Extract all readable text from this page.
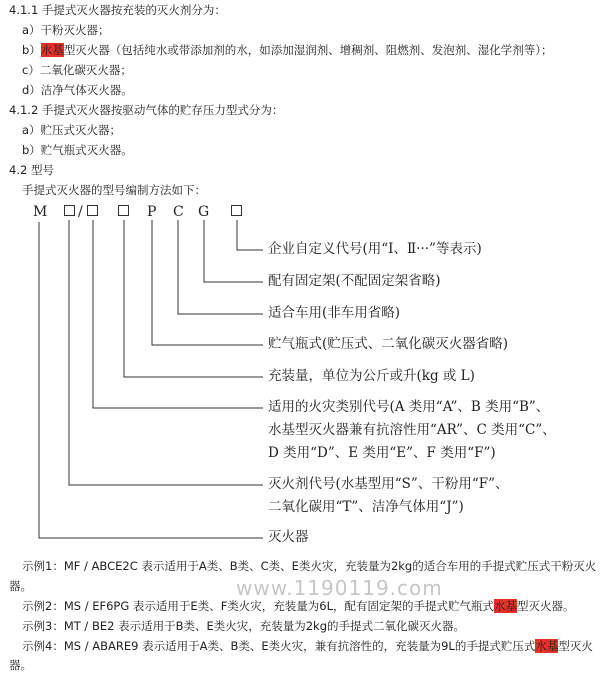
4.1.1 手提式灭火器按充装的灭火剂分为：
a）干粉灭火器；
b）水基型灭火器（包括纯水或带添加剂的水，如添加湿润剂、增稠剂、阻燃剂、发泡剂、湿化学剂等）；
c）二氧化碳灭火器；
d）洁净气体灭火器。
4.1.2 手提式灭火器按驱动气体的贮存压力型式分为：
a）贮压式灭火器；
b）贮气瓶式灭火器。
4.2 型号
手提式灭火器的型号编制方法如下：
M /	P C G
企业自定义代号(用“Ⅰ、Ⅱ···”等表示)
配有固定架(不配固定架省略)
适合车用(非车用省略)
贮气瓶式(贮压式、二氧化碳灭火器省略)
充装量，单位为公斤或升(kg 或 L)
适用的火灾类别代号(A 类用“A”、B 类用“B”、
水基型灭火器兼有抗溶性用“AR”、C 类用“C”、
D 类用“D”、E 类用“E”、F 类用“F”)
灭火剂代号(水基型用“S”、干粉用“F”、
二氧化碳用“T”、洁净气体用“J”)
灭火器
www.1190119.com
示例1：MF / ABCE2C 表示适用于A类、B类、C类、E类火灾，充装量为2kg的适合车用的手提式贮压式干粉灭火
器。
示例2：MS / EF6PG 表示适用于E类、F类火灾，充装量为6L，配有固定架的手提式贮气瓶式水基型灭火器。
示例3：MT / BE2 表示适用于B类、E类火灾，充装量为2kg的手提式二氧化碳灭火器。
示例4：MS / ABARE9 表示适用于A类、B类、E类火灾，兼有抗溶性的，充装量为9L的手提式贮压式水基型灭火
器。
